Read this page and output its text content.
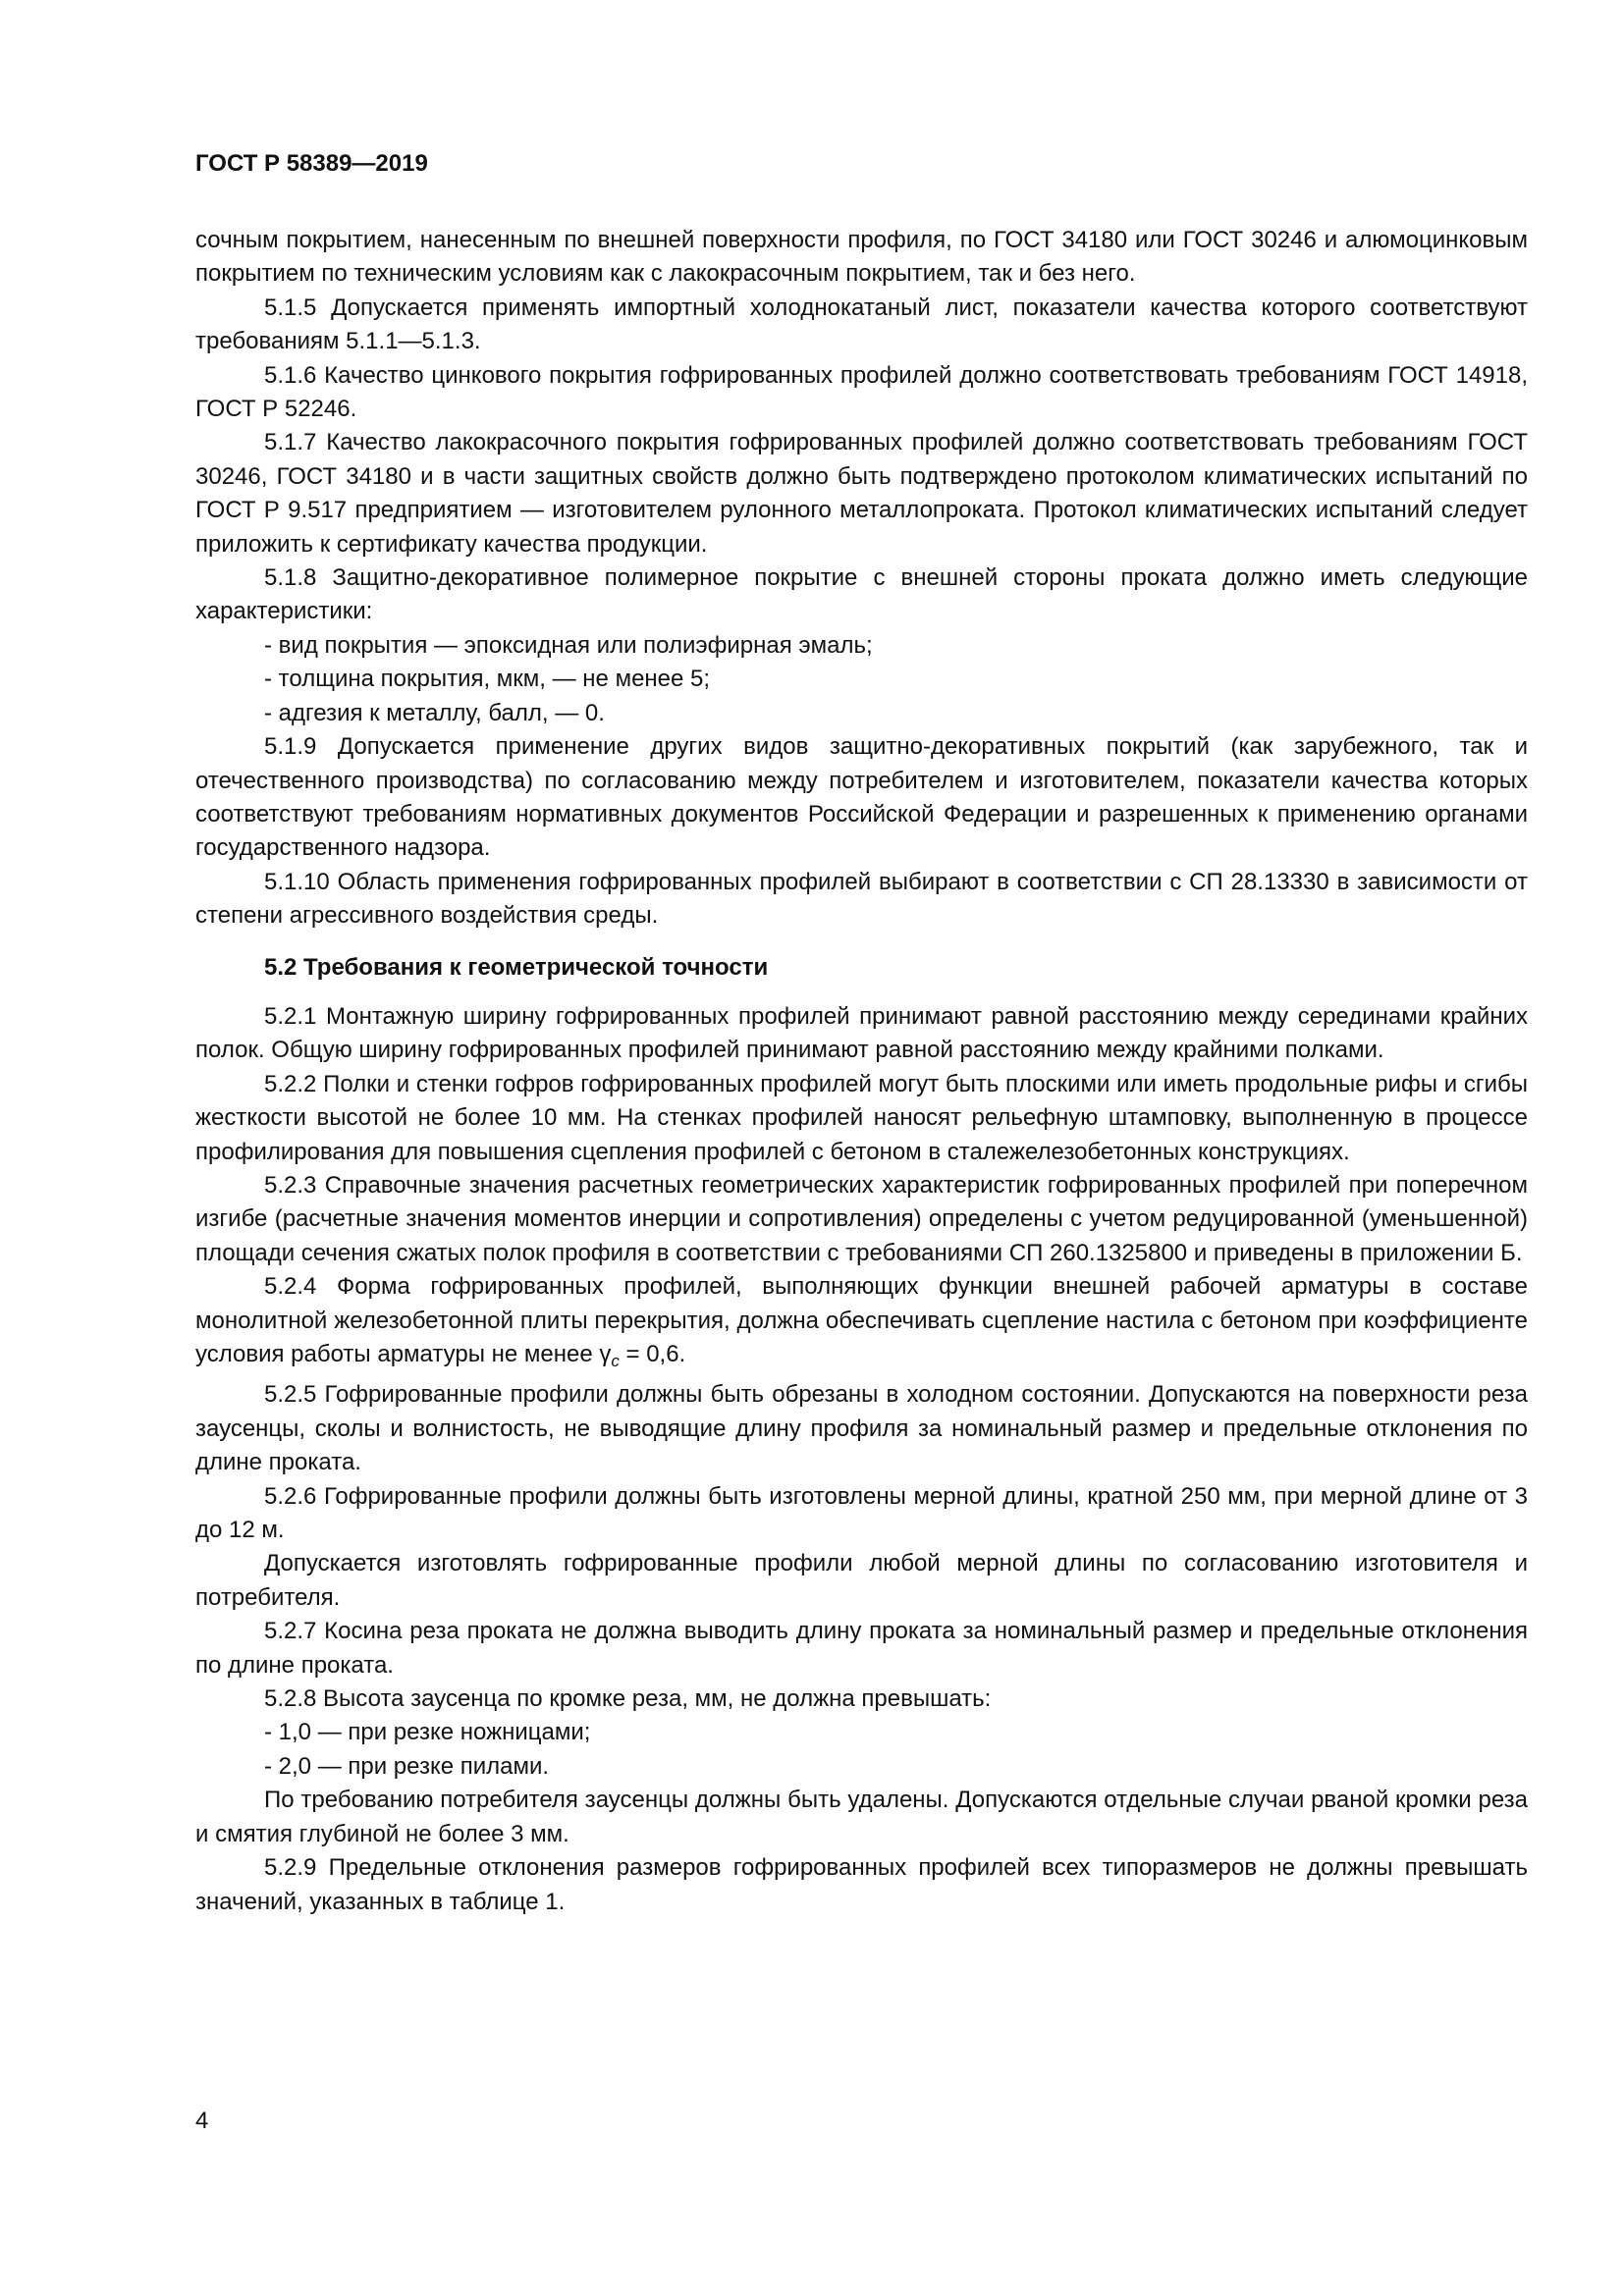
ГОСТ Р 58389—2019

сочным покрытием, нанесенным по внешней поверхности профиля, по ГОСТ 34180 или ГОСТ 30246 и алюмоцинковым покрытием по техническим условиям как с лакокрасочным покрытием, так и без него.

5.1.5 Допускается применять импортный холоднокатаный лист, показатели качества которого соответствуют требованиям 5.1.1—5.1.3.

5.1.6 Качество цинкового покрытия гофрированных профилей должно соответствовать требованиям ГОСТ 14918, ГОСТ Р 52246.

5.1.7 Качество лакокрасочного покрытия гофрированных профилей должно соответствовать требованиям ГОСТ 30246, ГОСТ 34180 и в части защитных свойств должно быть подтверждено протоколом климатических испытаний по ГОСТ Р 9.517 предприятием — изготовителем рулонного металлопроката. Протокол климатических испытаний следует приложить к сертификату качества продукции.

5.1.8 Защитно-декоративное полимерное покрытие с внешней стороны проката должно иметь следующие характеристики:

- вид покрытия — эпоксидная или полиэфирная эмаль;

- толщина покрытия, мкм, — не менее 5;

- адгезия к металлу, балл, — 0.

5.1.9 Допускается применение других видов защитно-декоративных покрытий (как зарубежного, так и отечественного производства) по согласованию между потребителем и изготовителем, показатели качества которых соответствуют требованиям нормативных документов Российской Федерации и разрешенных к применению органами государственного надзора.

5.1.10 Область применения гофрированных профилей выбирают в соответствии с СП 28.13330 в зависимости от степени агрессивного воздействия среды.

5.2 Требования к геометрической точности

5.2.1 Монтажную ширину гофрированных профилей принимают равной расстоянию между серединами крайних полок. Общую ширину гофрированных профилей принимают равной расстоянию между крайними полками.

5.2.2 Полки и стенки гофров гофрированных профилей могут быть плоскими или иметь продольные рифы и сгибы жесткости высотой не более 10 мм. На стенках профилей наносят рельефную штамповку, выполненную в процессе профилирования для повышения сцепления профилей с бетоном в сталежелезобетонных конструкциях.

5.2.3 Справочные значения расчетных геометрических характеристик гофрированных профилей при поперечном изгибе (расчетные значения моментов инерции и сопротивления) определены с учетом редуцированной (уменьшенной) площади сечения сжатых полок профиля в соответствии с требованиями СП 260.1325800 и приведены в приложении Б.

5.2.4 Форма гофрированных профилей, выполняющих функции внешней рабочей арматуры в составе монолитной железобетонной плиты перекрытия, должна обеспечивать сцепление настила с бетоном при коэффициенте условия работы арматуры не менее $\gamma_c = 0,6$.

5.2.5 Гофрированные профили должны быть обрезаны в холодном состоянии. Допускаются на поверхности реза заусенцы, сколы и волнистость, не выводящие длину профиля за номинальный размер и предельные отклонения по длине проката.

5.2.6 Гофрированные профили должны быть изготовлены мерной длины, кратной 250 мм, при мерной длине от 3 до 12 м.

Допускается изготовлять гофрированные профили любой мерной длины по согласованию изготовителя и потребителя.

5.2.7 Косина реза проката не должна выводить длину проката за номинальный размер и предельные отклонения по длине проката.

5.2.8 Высота заусенца по кромке реза, мм, не должна превышать:

- 1,0 — при резке ножницами;

- 2,0 — при резке пилами.

По требованию потребителя заусенцы должны быть удалены. Допускаются отдельные случаи рваной кромки реза и смятия глубиной не более 3 мм.

5.2.9 Предельные отклонения размеров гофрированных профилей всех типоразмеров не должны превышать значений, указанных в таблице 1.

4
